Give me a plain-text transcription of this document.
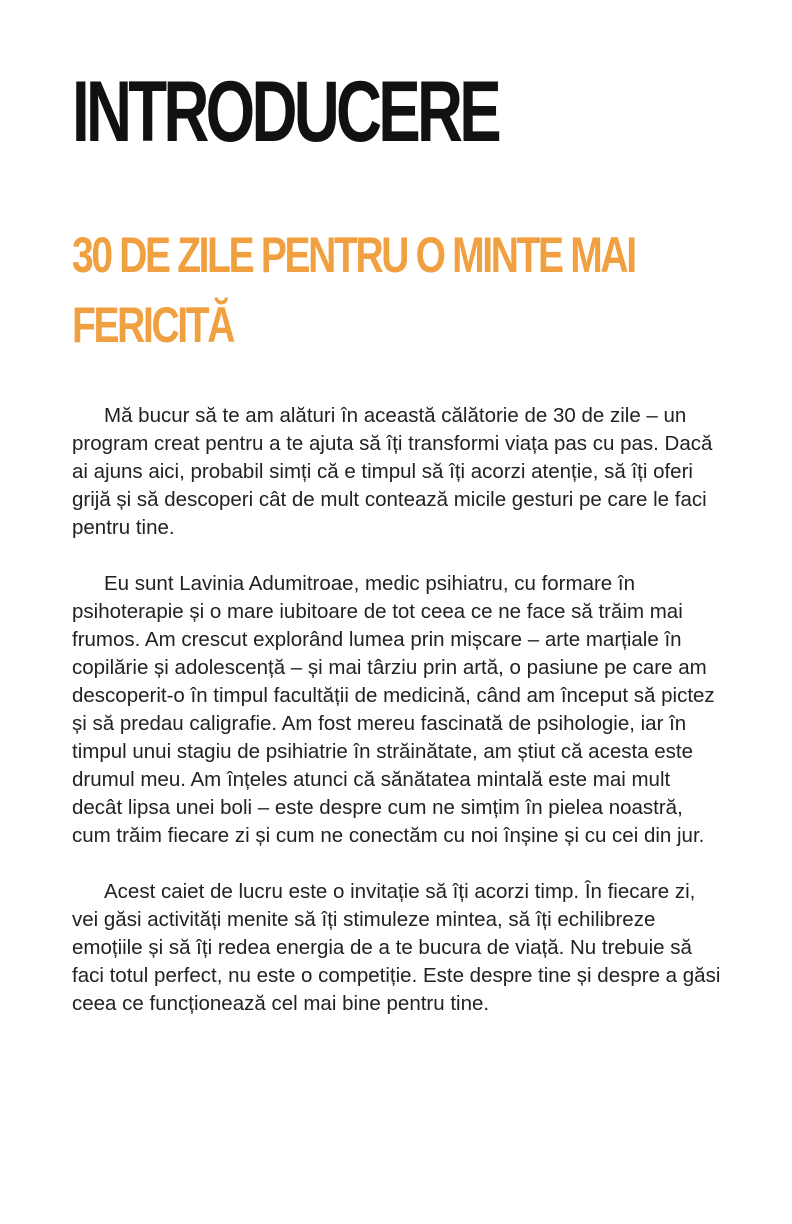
INTRODUCERE
30 DE ZILE PENTRU O MINTE MAI
FERICITĂ

Mă bucur să te am alături în această călătorie de 30 de zile – un program creat pentru a te ajuta să îți transformi viața pas cu pas. Dacă ai ajuns aici, probabil simți că e timpul să îți acorzi atenție, să îți oferi grijă și să descoperi cât de mult contează micile gesturi pe care le faci pentru tine.

Eu sunt Lavinia Adumitroae, medic psihiatru, cu formare în psihoterapie și o mare iubitoare de tot ceea ce ne face să trăim mai frumos. Am crescut explorând lumea prin mișcare – arte marțiale în copilărie și adolescență – și mai târziu prin artă, o pasiune pe care am descoperit-o în timpul facultății de medicină, când am început să pictez și să predau caligrafie. Am fost mereu fascinată de psihologie, iar în timpul unui stagiu de psihiatrie în străinătate, am știut că acesta este drumul meu. Am înțeles atunci că sănătatea mintală este mai mult decât lipsa unei boli – este despre cum ne simțim în pielea noastră, cum trăim fiecare zi și cum ne conectăm cu noi înșine și cu cei din jur.

Acest caiet de lucru este o invitație să îți acorzi timp. În fiecare zi, vei găsi activități menite să îți stimuleze mintea, să îți echilibreze emoțiile și să îți redea energia de a te bucura de viață. Nu trebuie să faci totul perfect, nu este o competiție. Este despre tine și despre a găsi ceea ce funcționează cel mai bine pentru tine.
